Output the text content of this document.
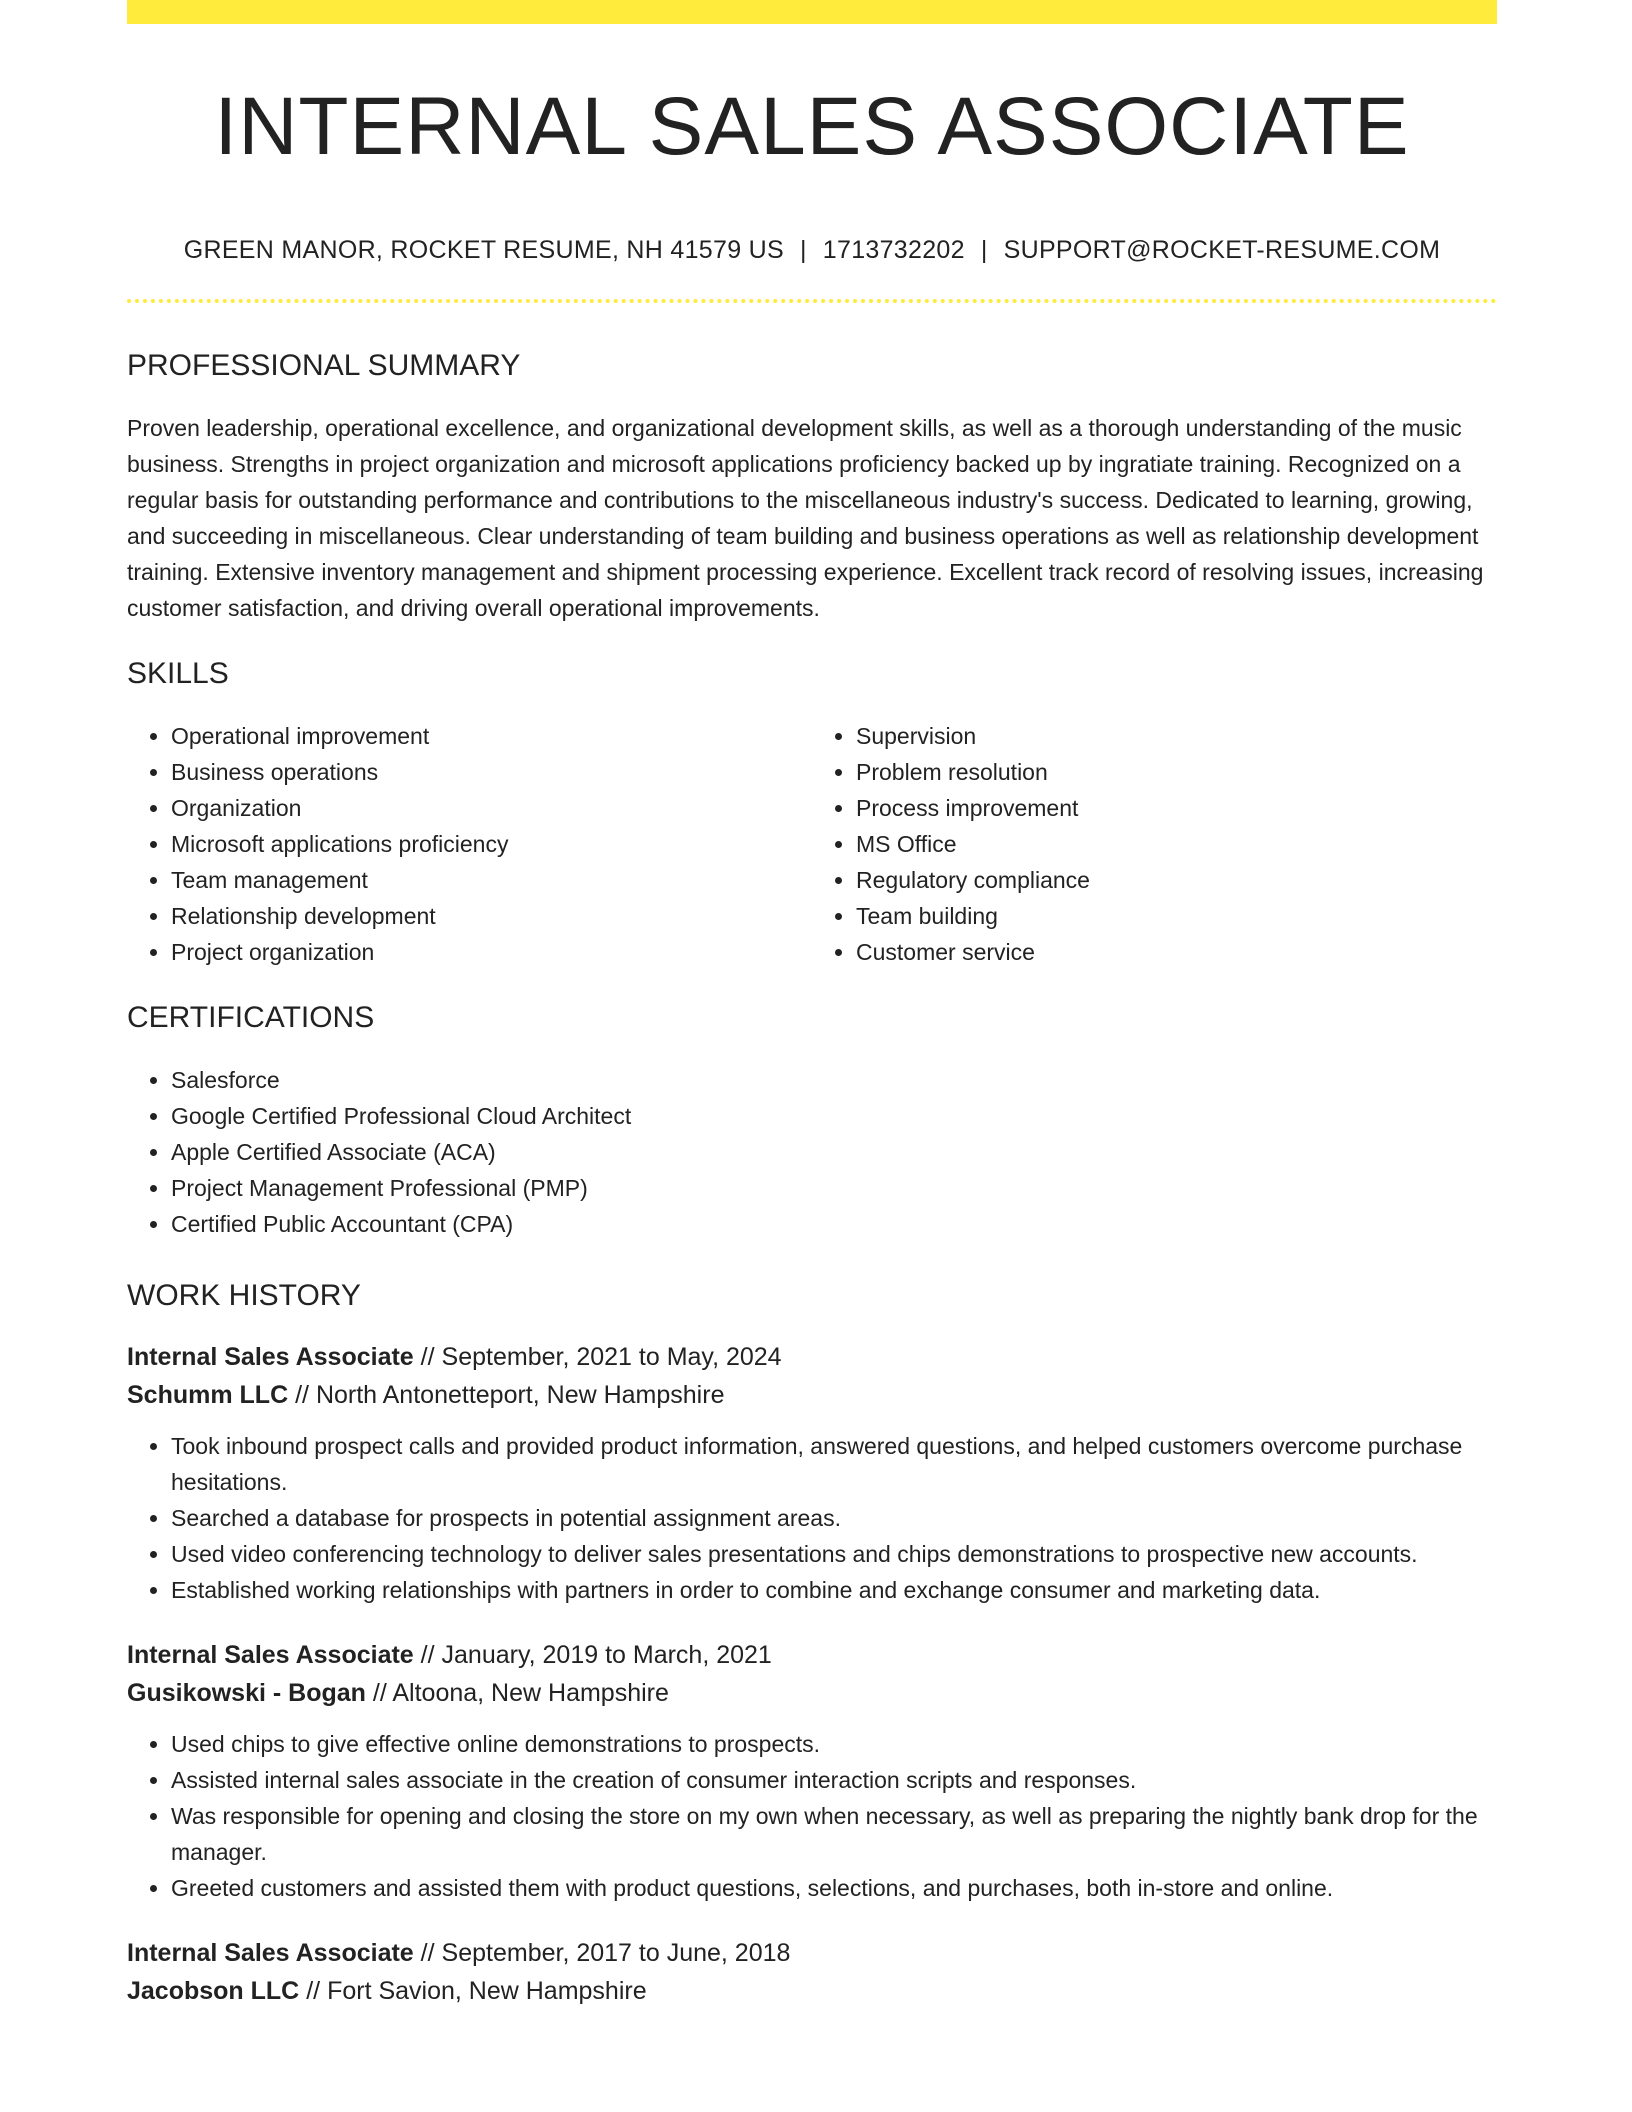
INTERNAL SALES ASSOCIATE
GREEN MANOR, ROCKET RESUME, NH 41579 US | 1713732202 | SUPPORT@ROCKET-RESUME.COM
PROFESSIONAL SUMMARY

Proven leadership, operational excellence, and organizational development skills, as well as a thorough understanding of the music business. Strengths in project organization and microsoft applications proficiency backed up by ingratiate training. Recognized on a regular basis for outstanding performance and contributions to the miscellaneous industry's success. Dedicated to learning, growing, and succeeding in miscellaneous. Clear understanding of team building and business operations as well as relationship development training. Extensive inventory management and shipment processing experience. Excellent track record of resolving issues, increasing customer satisfaction, and driving overall operational improvements.

SKILLS
• Operational improvement
• Business operations
• Organization
• Microsoft applications proficiency
• Team management
• Relationship development
• Project organization
• Supervision
• Problem resolution
• Process improvement
• MS Office
• Regulatory compliance
• Team building
• Customer service
CERTIFICATIONS
• Salesforce
• Google Certified Professional Cloud Architect
• Apple Certified Associate (ACA)
• Project Management Professional (PMP)
• Certified Public Accountant (CPA)
WORK HISTORY
Internal Sales Associate // September, 2021 to May, 2024
Schumm LLC // North Antonetteport, New Hampshire
• Took inbound prospect calls and provided product information, answered questions, and helped customers overcome purchase hesitations.
• Searched a database for prospects in potential assignment areas.
• Used video conferencing technology to deliver sales presentations and chips demonstrations to prospective new accounts.
• Established working relationships with partners in order to combine and exchange consumer and marketing data.
Internal Sales Associate // January, 2019 to March, 2021
Gusikowski - Bogan // Altoona, New Hampshire
• Used chips to give effective online demonstrations to prospects.
• Assisted internal sales associate in the creation of consumer interaction scripts and responses.
• Was responsible for opening and closing the store on my own when necessary, as well as preparing the nightly bank drop for the manager.
• Greeted customers and assisted them with product questions, selections, and purchases, both in-store and online.
Internal Sales Associate // September, 2017 to June, 2018
Jacobson LLC // Fort Savion, New Hampshire
